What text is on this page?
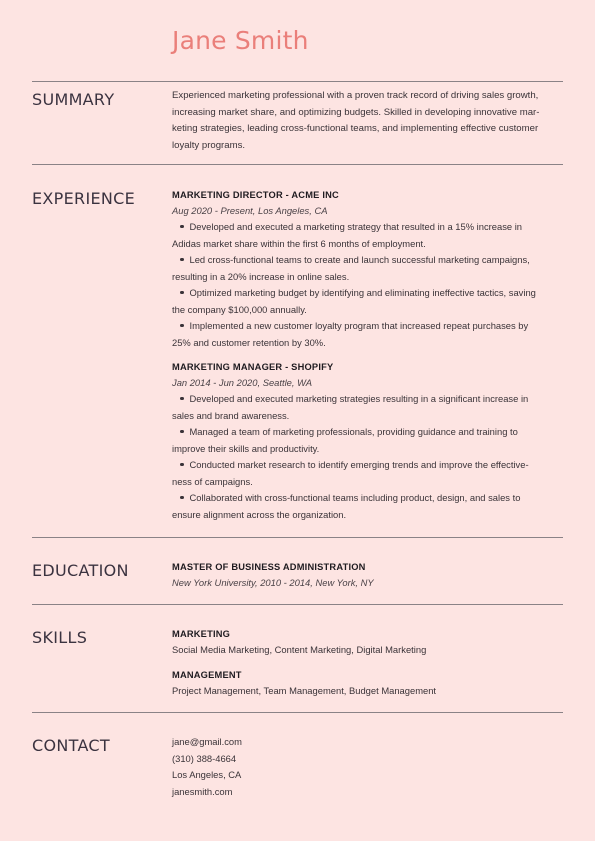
Jane Smith
SUMMARY	Experienced marketing professional with a proven track record of driving sales growth, increasing market share, and optimizing budgets. Skilled in developing innovative mar-keting strategies, leading cross-functional teams, and implementing effective customer loyalty programs.

EXPERIENCE	MARKETING DIRECTOR - ACME INC
Aug 2020 - Present, Los Angeles, CA
Developed and executed a marketing strategy that resulted in a 15% increase in
Adidas market share within the first 6 months of employment.
Led cross-functional teams to create and launch successful marketing campaigns,
resulting in a 20% increase in online sales.
Optimized marketing budget by identifying and eliminating ineffective tactics, saving
the company $100,000 annually.
Implemented a new customer loyalty program that increased repeat purchases by
25% and customer retention by 30%.
MARKETING MANAGER - SHOPIFY
Jan 2014 - Jun 2020, Seattle, WA
Developed and executed marketing strategies resulting in a significant increase in
sales and brand awareness.
Managed a team of marketing professionals, providing guidance and training to
improve their skills and productivity.
Conducted market research to identify emerging trends and improve the effective-
ness of campaigns.
Collaborated with cross-functional teams including product, design, and sales to
ensure alignment across the organization.
EDUCATION	MASTER OF BUSINESS ADMINISTRATION
New York University, 2010 - 2014, New York, NY
SKILLS	MARKETING
Social Media Marketing, Content Marketing, Digital Marketing
MANAGEMENT
Project Management, Team Management, Budget Management
CONTACT	jane@gmail.com
(310) 388-4664
Los Angeles, CA
janesmith.com
